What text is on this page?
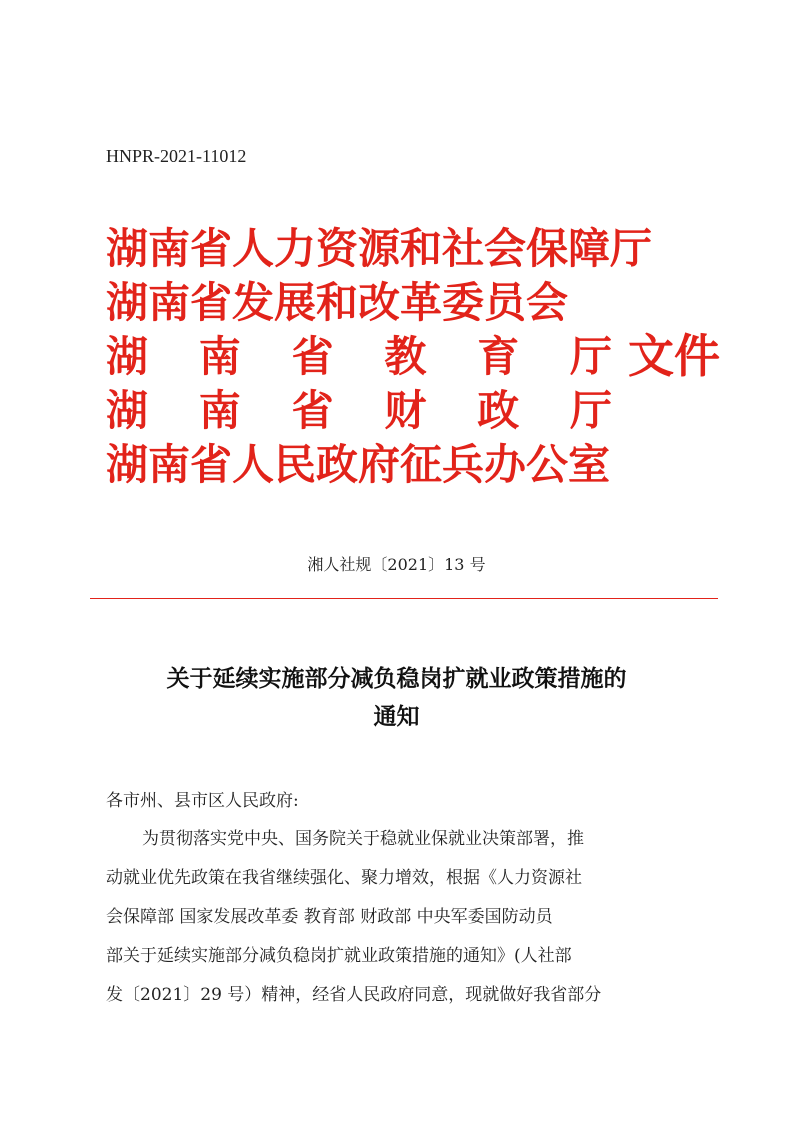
HNPR-2021-11012
湖南省人力资源和社会保障厅
湖南省发展和改革委员会
湖 南 省 教 育 厅
湖 南 省 财 政 厅
湖南省人民政府征兵办公室
文件
湘人社规〔2021〕13 号
关于延续实施部分减负稳岗扩就业政策措施的
通知
各市州、县市区人民政府:
为贯彻落实党中央、国务院关于稳就业保就业决策部署，推
动就业优先政策在我省继续强化、聚力增效，根据《人力资源社
会保障部 国家发展改革委 教育部 财政部 中央军委国防动员
部关于延续实施部分减负稳岗扩就业政策措施的通知》(人社部
发〔2021〕29 号）精神，经省人民政府同意，现就做好我省部分
